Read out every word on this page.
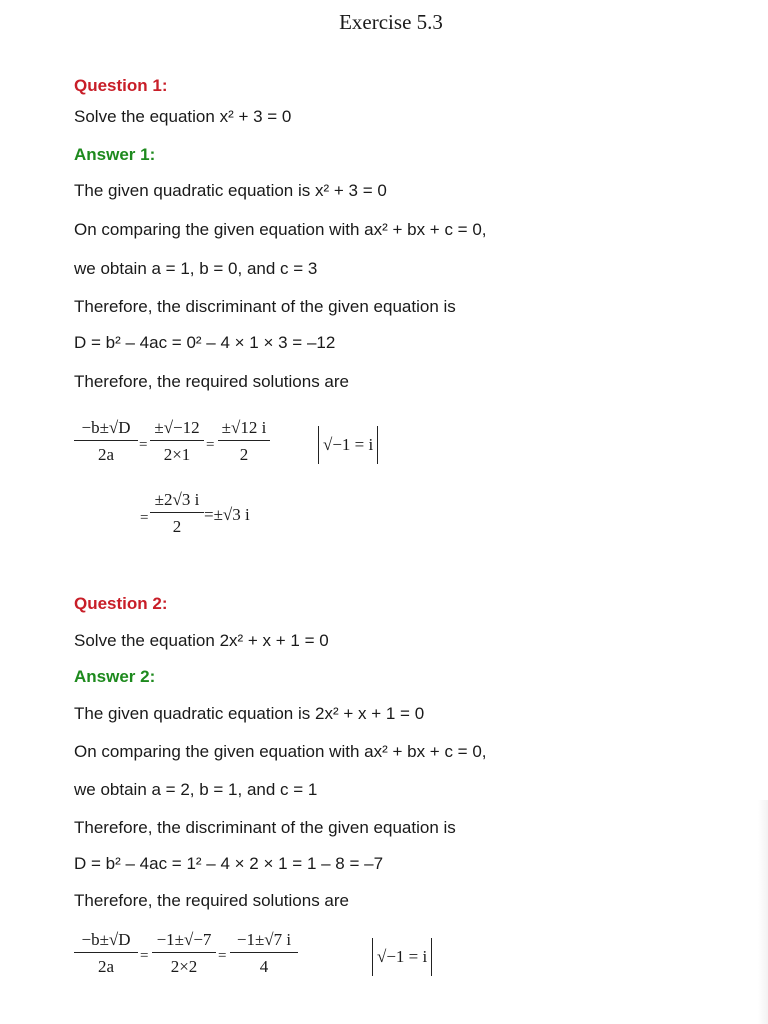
Exercise 5.3
Question 1:
Solve the equation x² + 3 = 0
Answer 1:
The given quadratic equation is x² + 3 = 0
On comparing the given equation with ax² + bx + c = 0,
we obtain a = 1, b = 0, and c = 3
Therefore, the discriminant of the given equation is
D = b² – 4ac = 0² – 4 × 1 × 3 = –12
Therefore, the required solutions are
−b±√D
2a	=
±√−12
2×1	=
±√12 i
2
√−1 = i
=
±2√3 i
2
=±√3 i
Question 2:
Solve the equation 2x² + x + 1 = 0
Answer 2:
The given quadratic equation is 2x² + x + 1 = 0
On comparing the given equation with ax² + bx + c = 0,
we obtain a = 2, b = 1, and c = 1
Therefore, the discriminant of the given equation is
D = b² – 4ac = 1² – 4 × 2 × 1 = 1 – 8 = –7
Therefore, the required solutions are
−b±√D
2a
=
−1±√−7
2×2
=
−1±√7 i
4
√−1 = i
